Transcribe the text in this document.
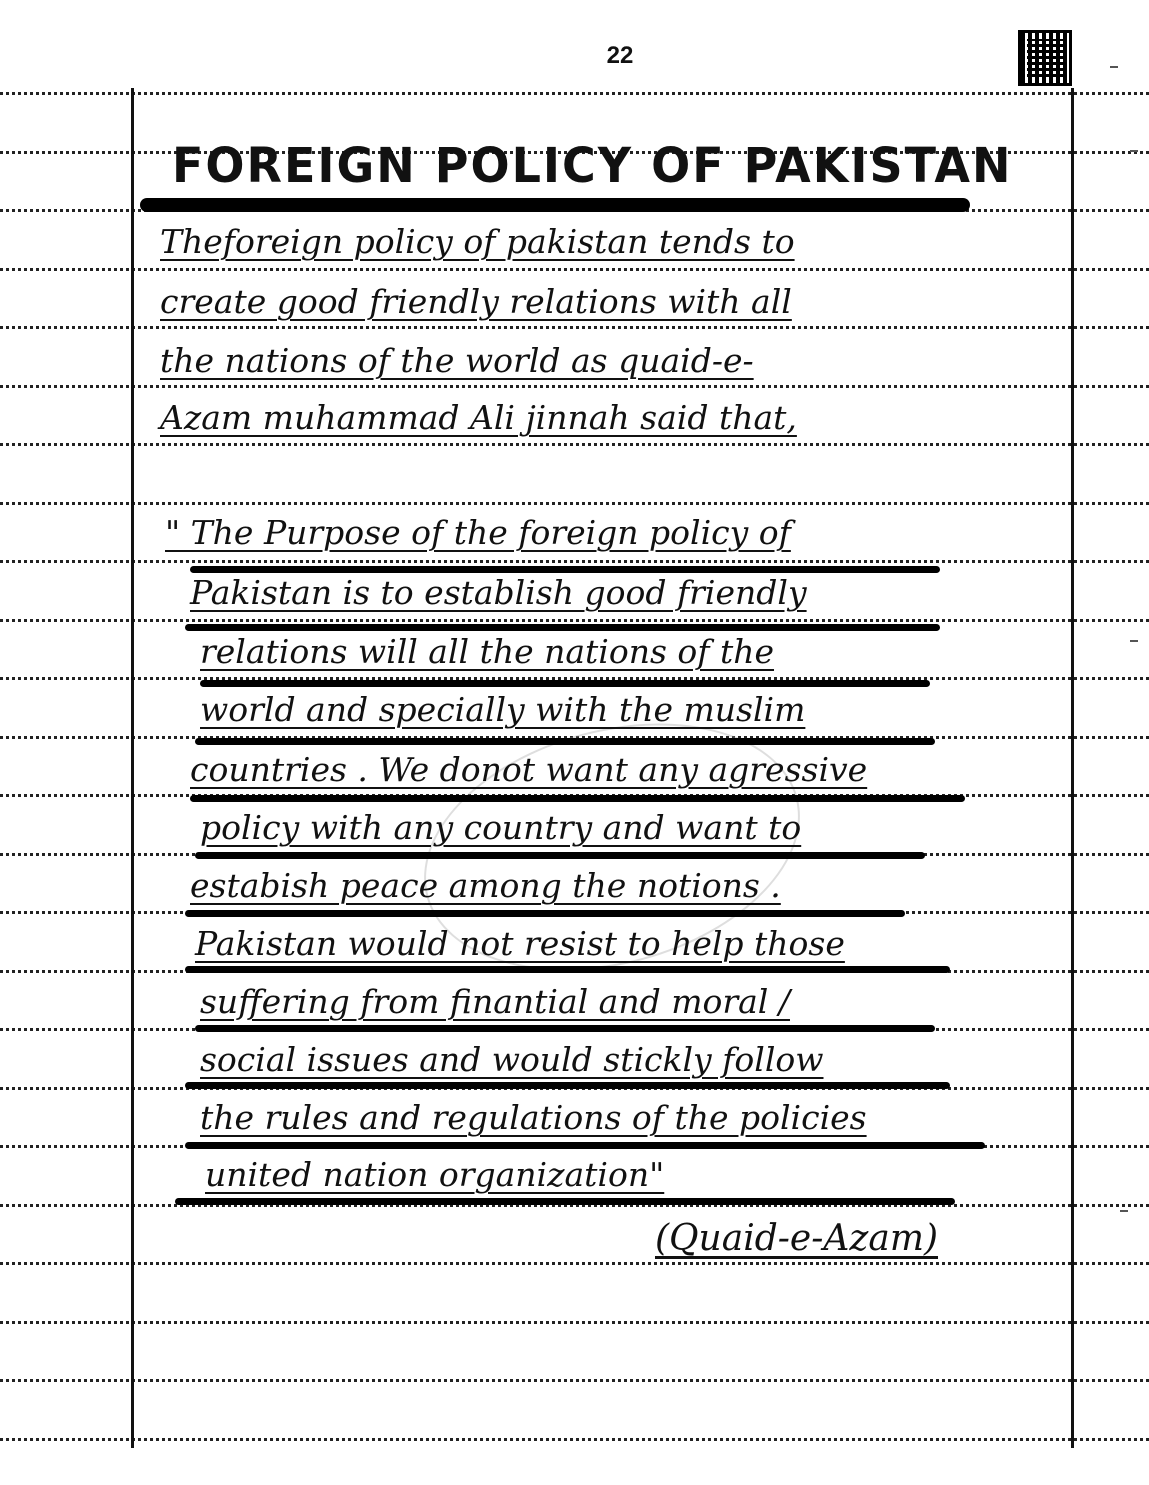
22
FOREIGN POLICY OF PAKISTAN
Theforeign policy of pakistan tends to
create good friendly relations with all
the nations of the world as quaid-e-
Azam muhammad Ali jinnah said that,
" The Purpose of the foreign policy of
Pakistan is to establish good friendly
relations will all the nations of the
world and specially with the muslim
countries . We donot want any agressive
policy with any country and want to
estabish peace among the notions .
Pakistan would not resist to help those
suffering from finantial and moral /
social issues and would stickly follow
the rules and regulations of the policies
united nation organization"
(Quaid-e-Azam)
